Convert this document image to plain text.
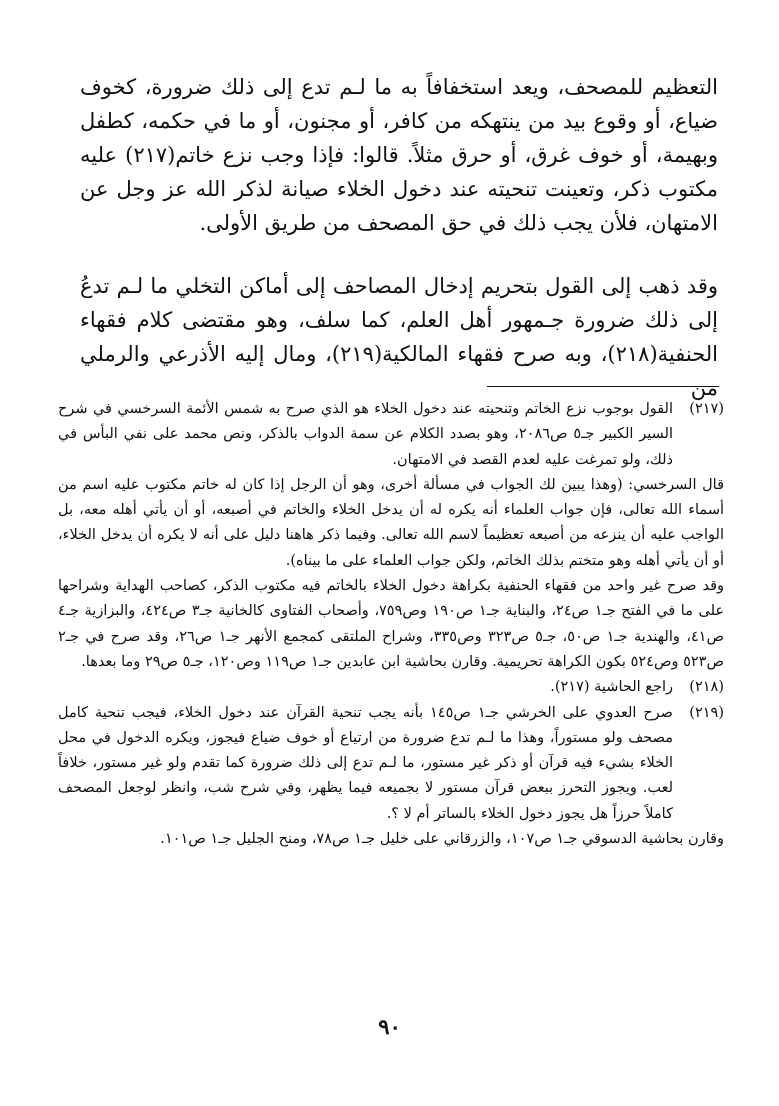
التعظيم للمصحف، ويعد استخفافاً به ما لـم تدع إلى ذلك ضرورة، كخوف ضياع، أو وقوع بيد من ينتهكه من كافر، أو مجنون، أو ما في حكمه، كطفل وبهيمة، أو خوف غرق، أو حرق مثلاً. قالوا: فإذا وجب نزع خاتم(٢١٧) عليه مكتوب ذكر، وتعينت تنحيته عند دخول الخلاء صيانة لذكر الله عز وجل عن الامتهان، فلأن يجب ذلك في حق المصحف من طريق الأولى.

وقد ذهب إلى القول بتحريم إدخال المصاحف إلى أماكن التخلي ما لـم تدعُ إلى ذلك ضرورة جـمهور أهل العلم، كما سلف، وهو مقتضى كلام فقهاء الحنفية(٢١٨)، وبه صرح فقهاء المالكية(٢١٩)، ومال إليه الأذرعي والرملي من

(٢١٧)

القول بوجوب نزع الخاتم وتنحيته عند دخول الخلاء هو الذي صرح به شمس الأئمة السرخسي في شرح السير الكبير جـ٥ ص٢٠٨٦، وهو بصدد الكلام عن سمة الدواب بالذكر، ونص محمد على نفي البأس في ذلك، ولو تمرغت عليه لعدم القصد في الامتهان.

قال السرخسي: (وهذا يبين لك الجواب في مسألة أخرى، وهو أن الرجل إذا كان له خاتم مكتوب عليه اسم من أسماء الله تعالى، فإن جواب العلماء أنه يكره له أن يدخل الخلاء والخاتم في أصبعه، أو أن يأتي أهله معه، بل الواجب عليه أن ينزعه من أصبعه تعظيماً لاسم الله تعالى. وفيما ذكر هاهنا دليل على أنه لا يكره أن يدخل الخلاء، أو أن يأتي أهله وهو متختم بذلك الخاتم، ولكن جواب العلماء على ما بيناه).

وقد صرح غير واحد من فقهاء الحنفية بكراهة دخول الخلاء بالخاتم فيه مكتوب الذكر، كصاحب الهداية وشراحها على ما في الفتح جـ١ ص٢٤، والبناية جـ١ ص١٩٠ وص٧٥٩، وأصحاب الفتاوى كالخانية جـ٣ ص٤٢٤، والبزازية جـ٤ ص٤١، والهندية جـ١ ص٥٠، جـ٥ ص٣٢٣ وص٣٣٥، وشراح الملتقى كمجمع الأنهر جـ١ ص٢٦، وقد صرح في جـ٢ ص٥٢٣ وص٥٢٤ بكون الكراهة تحريمية. وقارن بحاشية ابن عابدين جـ١ ص١١٩ وص١٢٠، جـ٥ ص٢٩ وما بعدها.

(٢١٨)

راجع الحاشية (٢١٧).

(٢١٩)

صرح العدوي على الخرشي جـ١ ص١٤٥ بأنه يجب تنحية القرآن عند دخول الخلاء، فيجب تنحية كامل مصحف ولو مستوراً، وهذا ما لـم تدع ضرورة من ارتياع أو خوف ضياع فيجوز، ويكره الدخول في محل الخلاء بشيء فيه قرآن أو ذكر غير مستور، ما لـم تدع إلى ذلك ضرورة كما تقدم ولو غير مستور، خلافاً لعب. ويجوز التحرز ببعض قرآن مستور لا بجميعه فيما يظهر، وفي شرح شب، وانظر لوجعل المصحف كاملاً حرزاً هل يجوز دخول الخلاء بالساتر أم لا ؟.

وقارن بحاشية الدسوقي جـ١ ص١٠٧، والزرقاني على خليل جـ١ ص٧٨، ومنح الجليل جـ١ ص١٠١.

٩٠
